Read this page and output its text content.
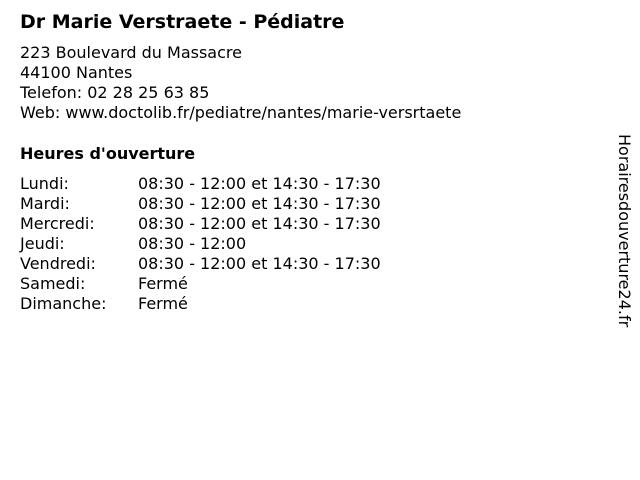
Dr Marie Verstraete - Pédiatre
223 Boulevard du Massacre
44100 Nantes
Telefon: 02 28 25 63 85
Web: www.doctolib.fr/pediatre/nantes/marie-versrtaete
Heures d'ouverture
Lundi:	08:30 - 12:00 et 14:30 - 17:30
Mardi:	08:30 - 12:00 et 14:30 - 17:30
Mercredi:	08:30 - 12:00 et 14:30 - 17:30
Jeudi:	08:30 - 12:00
Vendredi:	08:30 - 12:00 et 14:30 - 17:30
Samedi:	Fermé
Dimanche:	Fermé	Horairesdouverture24.fr
